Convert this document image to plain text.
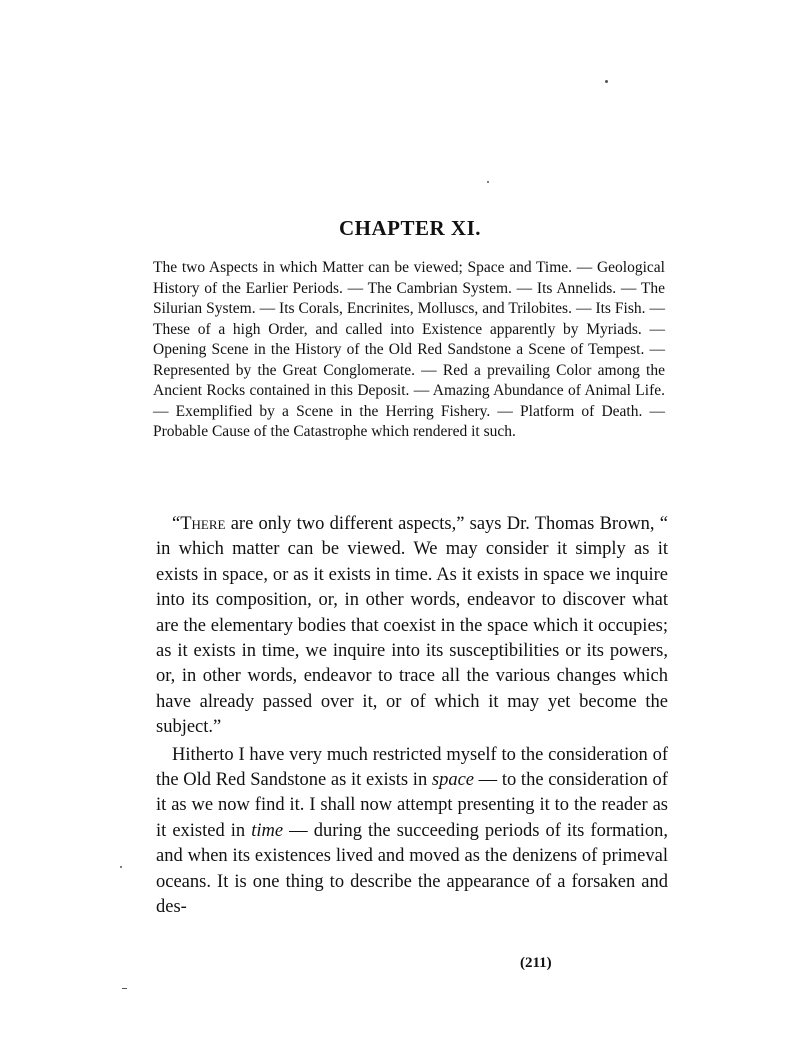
CHAPTER XI.
The two Aspects in which Matter can be viewed; Space and Time. — Geological History of the Earlier Periods. — The Cambrian System. — Its Annelids. — The Silurian System. — Its Corals, Encrinites, Molluscs, and Trilobites. — Its Fish. — These of a high Order, and called into Existence apparently by Myriads. — Opening Scene in the History of the Old Red Sandstone a Scene of Tempest. — Represented by the Great Conglomerate. — Red a prevailing Color among the Ancient Rocks contained in this Deposit. — Amazing Abundance of Animal Life. — Exemplified by a Scene in the Herring Fishery. — Platform of Death. — Probable Cause of the Catastrophe which rendered it such.

“There are only two different aspects,” says Dr. Thomas Brown, “ in which matter can be viewed. We may consider it simply as it exists in space, or as it exists in time. As it exists in space we inquire into its composition, or, in other words, endeavor to discover what are the elementary bodies that coexist in the space which it occupies; as it exists in time, we inquire into its susceptibilities or its powers, or, in other words, endeavor to trace all the various changes which have already passed over it, or of which it may yet become the subject.”

Hitherto I have very much restricted myself to the consideration of the Old Red Sandstone as it exists in space — to the consideration of it as we now find it. I shall now attempt presenting it to the reader as it existed in time — during the succeeding periods of its formation, and when its existences lived and moved as the denizens of primeval oceans. It is one thing to describe the appearance of a forsaken and des-

(211)
